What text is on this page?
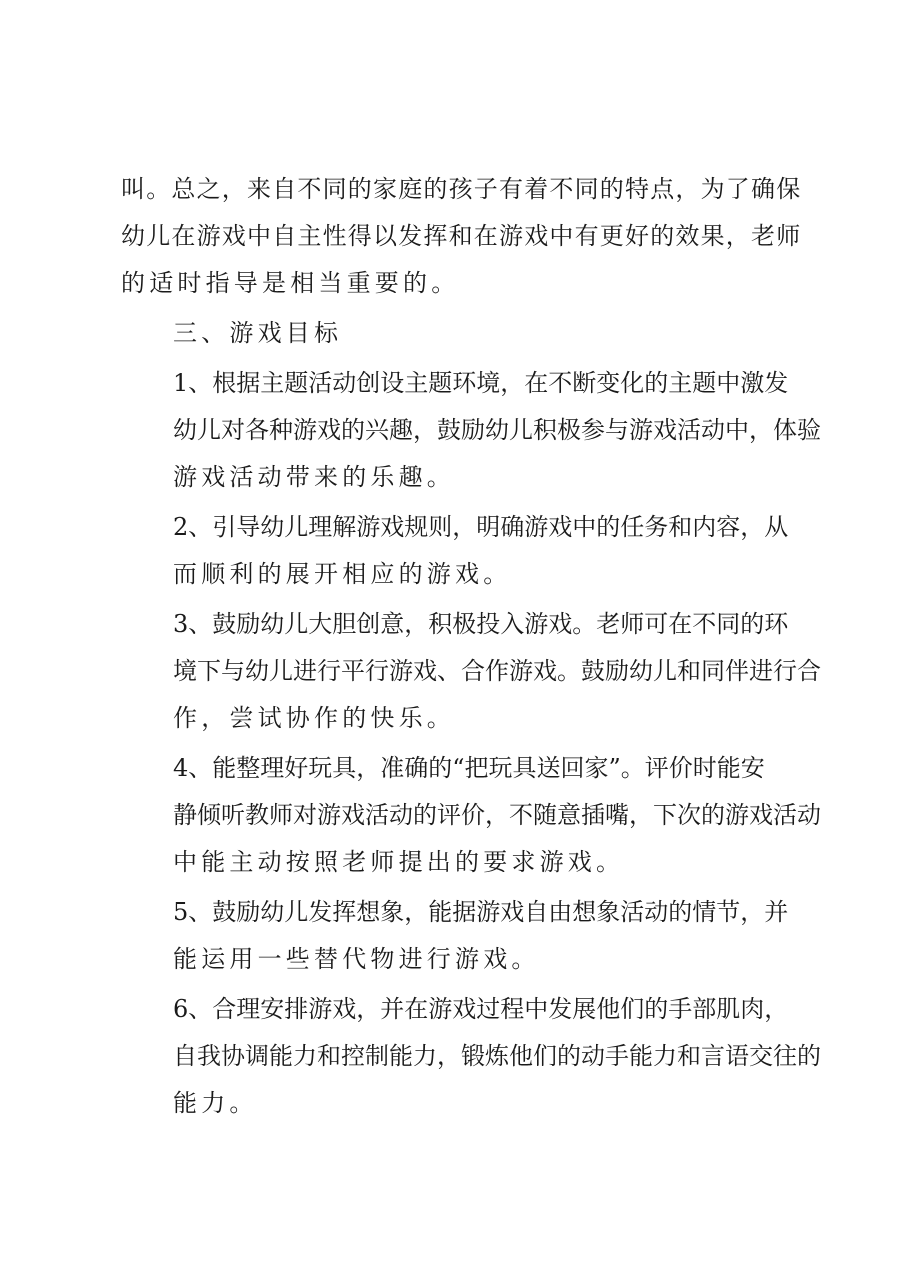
叫。总之，来自不同的家庭的孩子有着不同的特点，为了确保
幼儿在游戏中自主性得以发挥和在游戏中有更好的效果，老师
的适时指导是相当重要的。

三、游戏目标

1、根据主题活动创设主题环境，在不断变化的主题中激发
幼儿对各种游戏的兴趣，鼓励幼儿积极参与游戏活动中，体验
游戏活动带来的乐趣。

2、引导幼儿理解游戏规则，明确游戏中的任务和内容，从
而顺利的展开相应的游戏。

3、鼓励幼儿大胆创意，积极投入游戏。老师可在不同的环
境下与幼儿进行平行游戏、合作游戏。鼓励幼儿和同伴进行合
作，尝试协作的快乐。

4、能整理好玩具，准确的“把玩具送回家”。评价时能安
静倾听教师对游戏活动的评价，不随意插嘴，下次的游戏活动
中能主动按照老师提出的要求游戏。

5、鼓励幼儿发挥想象，能据游戏自由想象活动的情节，并
能运用一些替代物进行游戏。

6、合理安排游戏，并在游戏过程中发展他们的手部肌肉，
自我协调能力和控制能力，锻炼他们的动手能力和言语交往的
能力。
